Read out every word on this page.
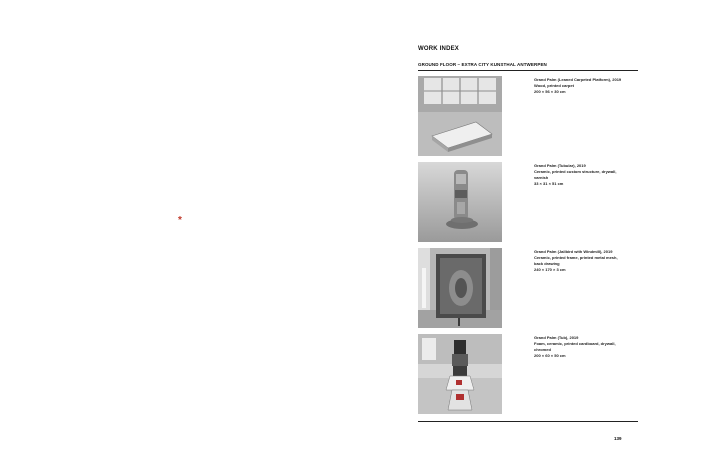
*
WORK INDEX
GROUND FLOOR – EXTRA CITY KUNSTHAL ANTWERPEN
Grand Palm (Leaned Carpeted Platform), 2019
Wood, printed carpet
200 × 56 × 30 cm
Grand Palm (Tubular), 2019
Ceramic, printed custom structure, drywall,
varnish
33 × 31 × 51 cm
Grand Palm (Jailbird with Windmill), 2019
Ceramic, printed frame, printed metal mesh,
back drawing
240 × 170 × 3 cm
Grand Palm (Tub), 2019
Foam, ceramic, printed cardboard, drywall,
chromed
200 × 60 × 50 cm
139
